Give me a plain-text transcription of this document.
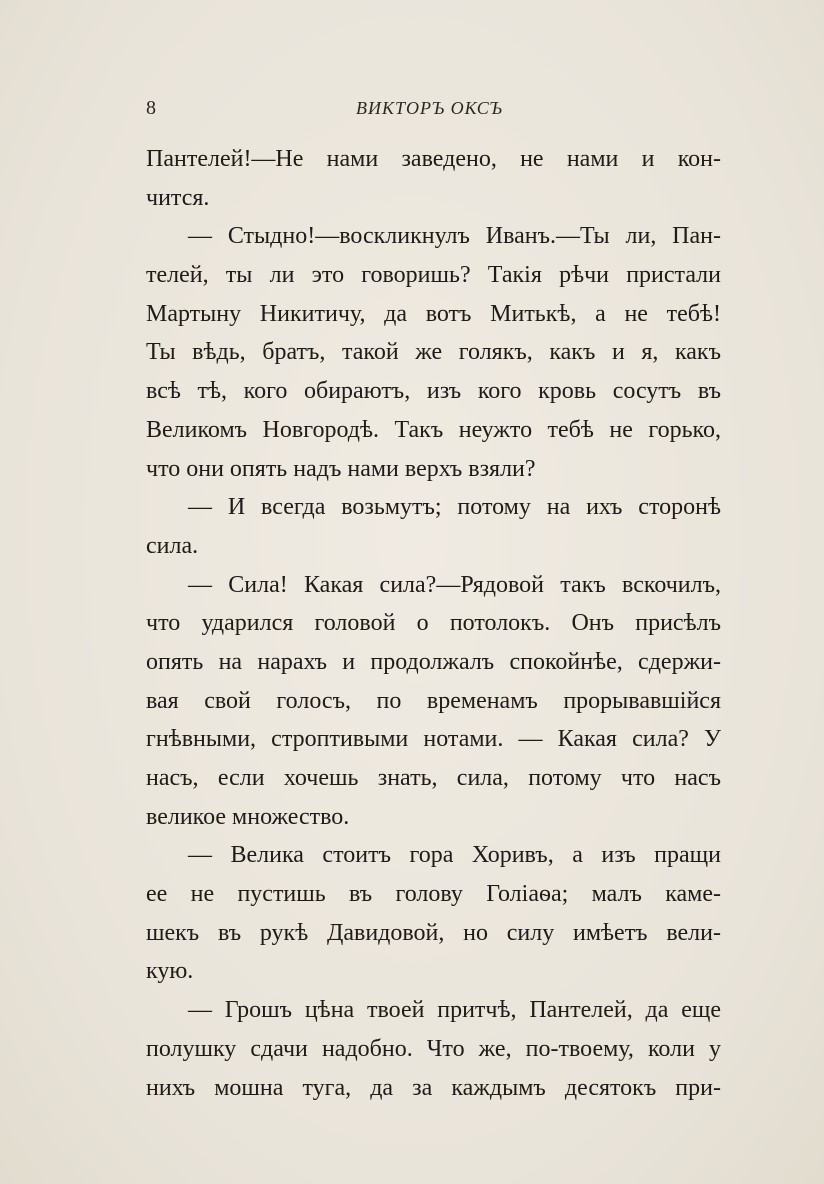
8	ВИКТОРЪ ОКСЪ
Пантелей!—Не нами заведено, не нами и кон-
чится.
— Стыдно!—воскликнулъ Иванъ.—Ты ли, Пан-
телей, ты ли это говоришь? Такія рѣчи пристали
Мартыну Никитичу, да вотъ Митькѣ, а не тебѣ!
Ты вѣдь, братъ, такой же голякъ, какъ и я, какъ
всѣ тѣ, кого обираютъ, изъ кого кровь сосутъ въ
Великомъ Новгородѣ. Такъ неужто тебѣ не горько,
что они опять надъ нами верхъ взяли?
— И всегда возьмутъ; потому на ихъ сторонѣ
сила.
— Сила! Какая сила?—Рядовой такъ вскочилъ,
что ударился головой о потолокъ. Онъ присѣлъ
опять на нарахъ и продолжалъ спокойнѣе, сдержи-
вая свой голосъ, по временамъ прорывавшійся
гнѣвными, строптивыми нотами. — Какая сила? У
насъ, если хочешь знать, сила, потому что насъ
великое множество.
— Велика стоитъ гора Хоривъ, а изъ пращи
ее не пустишь въ голову Голіаѳа; малъ каме-
шекъ въ рукѣ Давидовой, но силу имѣетъ вели-
кую.
— Грошъ цѣна твоей притчѣ, Пантелей, да еще
полушку сдачи надобно. Что же, по-твоему, коли у
нихъ мошна туга, да за каждымъ десятокъ при-
